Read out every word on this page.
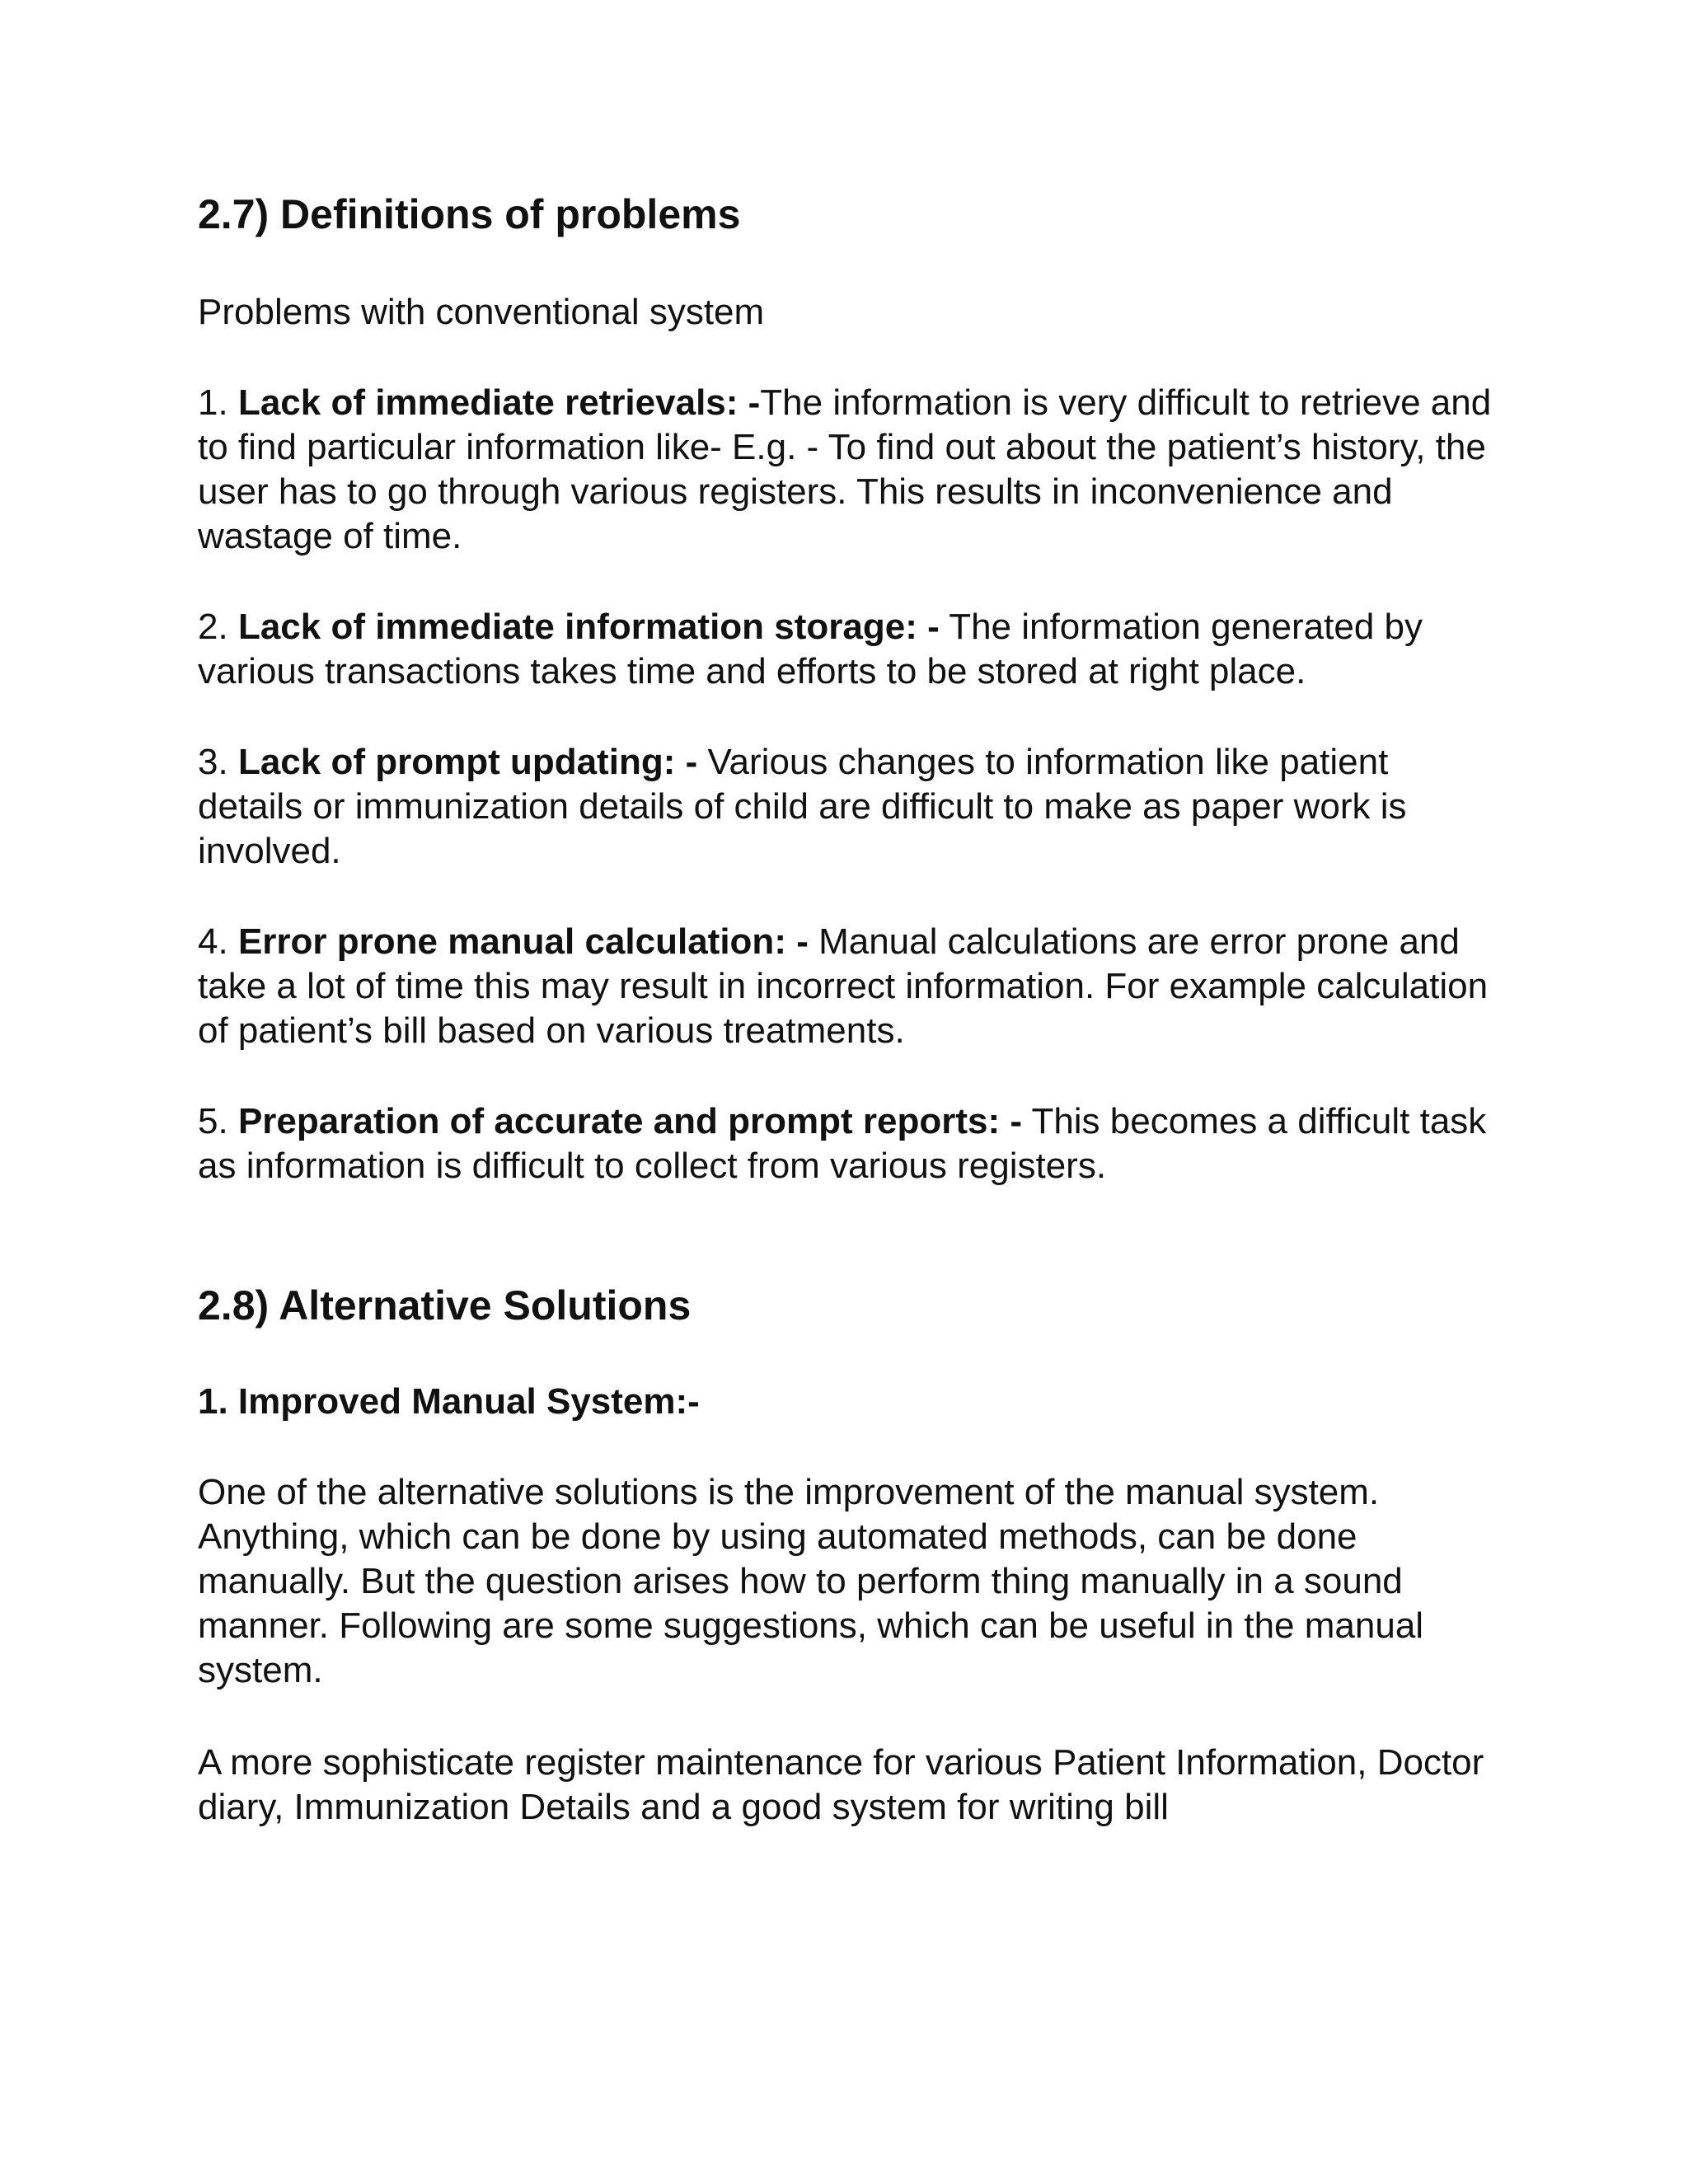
2.7) Definitions of problems

Problems with conventional system

1. Lack of immediate retrievals: -The information is very difficult to retrieve and to find particular information like- E.g. - To find out about the patient’s history, the user has to go through various registers. This results in inconvenience and wastage of time.

2. Lack of immediate information storage: - The information generated by various transactions takes time and efforts to be stored at right place.

3. Lack of prompt updating: - Various changes to information like patient details or immunization details of child are difficult to make as paper work is involved.

4. Error prone manual calculation: - Manual calculations are error prone and take a lot of time this may result in incorrect information. For example calculation of patient’s bill based on various treatments.

5. Preparation of accurate and prompt reports: - This becomes a difficult task as information is difficult to collect from various registers.

2.8) Alternative Solutions
1. Improved Manual System:-

One of the alternative solutions is the improvement of the manual system. Anything, which can be done by using automated methods, can be done manually. But the question arises how to perform thing manually in a sound manner. Following are some suggestions, which can be useful in the manual system.

A more sophisticate register maintenance for various Patient Information, Doctor diary, Immunization Details and a good system for writing bill
